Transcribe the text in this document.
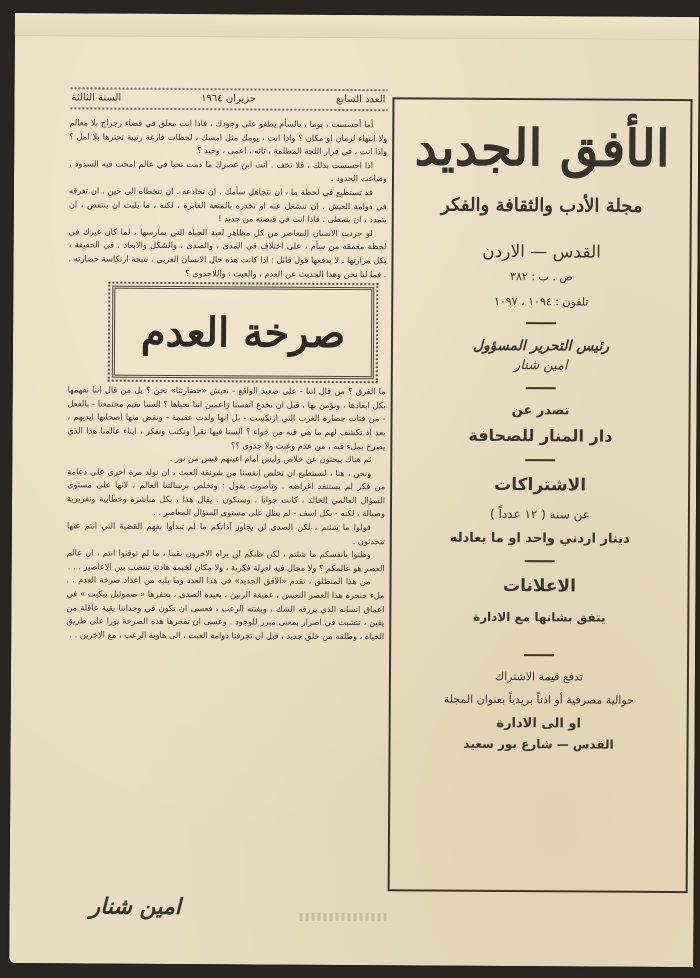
العدد السابع
حزيران ١٩٦٤
السنة الثالثة

أما أحسست ، يوما ، بالسأم يطفو على وجودك ، فاذا انت معلق في فضاء رجراج بلا معالم ولا انتهاء لزمان او مكان ؟ واذا انت ، يومك مثل امسك ، لحظات فارغة رتيبة تجترها بلا امل ؟ واذا انت ، في قرار اللجة المظلمة ، تائه ، اعمى ، وحيد ؟

اذا احسست بذلك ، فلا تخف . انت ابن عصرك ما دمت تحيا في عالم امحت فيه السدود ، وضاعت الحدود .

قد تستطيع في لحظة ما ، ان تتجاهل سأمك . ان تخادعه . ان تتخطاه الى حين . ان تغرقه في دوامة العيش . ان تنشغل عنه او تخدره بالمتعة العابرة ، لكنه ، ما يلبث ان ينتفض ، ان يتمدد ، ان يتمطى . فاذا انت في قبضته من جديد !

لو جردت الانسان المعاصر من كل مظاهر لعبة الحياة التي يمارسها ، لما كان غيرك في لحظة معمقة من سأم ، على اختلاف في المدى ، والصدى ، والشكل والابعاد . في الحقيقة ، بكل مرارتها . لا يدفعها قول قائل : اذا كانت هذه حال الانسان الغربي ، نتيجة ارتكاسة حضارته . . فما لنا نحن وهذا الحديث عن العدم ، والعبث ، واللاجدوى ؟

صرخة العدم

ما الفرق ؟ من قال اننا - على صعيد الواقع - نعيش «حضارتنا» نحن ؟ بل من قال اننا نفهمها بكل ابعادها ، ونؤمن بها ، قبل ان نخدع انفسنا زاعمين اننا نحياها ؟ السنا نقيم مجتمعنا - بالفعل - من فتات حضارة الغرب التي ارتكست - بل انها ولدت عقيمة - ونقض منها اصحابها ايديهم ، بعد اذ تكشف لهم ما هي فيه من خواء ؟ السنا فيها نقرأ ونكتب ونفكر ، ابناء عالمنا هذا الذي يصرخ بملء فيه ، من عدم وعبث ولا جدوى ؟؟

ثم هناك يبحثون عن خلاص وليس امام اعينهم قبس من نور .

ونحن ، هنا ، لنستطيع ان نخلص انفسنا من شرنقة العبث ، ان نولد مرة اخرى على دعامة من فكر لم يستنفد اغراضه . وتأصوت يقول : ونخلص برسالتنا العالم ، لانها على مستوى السؤال العالمي الخالد ، كانت جوابا ، وستكون . يقال هذا ، بكل مباشرة وخطابية وتقريرية وصيالة ، لكنه - بكل اسف - لم يظل على مستوى السؤال المعاصر . .

قولوا ما شئتم ، لكن الصدى لن يجاوز آذانكم ما لم تبدأوا بفهم القضية التي انتم عنها تتحدثون .

وظنوا بانفسكم ما شئتم ، لكن ظنكم لن يراه الاخرون يقينا ، ما لم توقنوا انتم ، ان عالم العصر هو عالمكم ؟ ولا مجال فيه لعزلة فكرية ، ولا مكان لخيمة هادئة تنتصب بين الاعاصير . . .

من هذا المنطلق ، تقدم «الافق الجديد» في هذا العدد وما يليه من اعداد صرخة العدم . . ملء حنجرة هذا العصر التعيس ، عميقة الرنين ، بعيدة الصدى ، يحفرها « صموئيل بيكيت » في اعماق انسانه الذي يزرقه الشك ، ويفتته الرعب ، فعسى ان تكون في وجداننا بقية عاقلة من يقين ، تتشبث في اصرار بمعنى مبرر للوجود . وعسى ان تفجرها هذه الصرخة نورا على طريق الحياة ، وطلقة من خلق جديد ، قبل ان تجرفنا دوامة العبث ، الى هاوية الرعب ، مع الاخرين . .

امين شنار
الأفق الجديد
مجلة الأدب والثقافة والفكر
القدس — الاردن
ص . ب : ٣٨٢
تلفون : ١٠٩٤ ، ١٠٩٧
رئيس التحرير المسؤول
امين شنار
تصدر عن
دار المنار للصحافة
الاشتراكات
عن سنه ( ١٢ عدداً )
دينار اردني واحد او ما يعادله
الاعلانات
يتفق بشانها مع الادارة
تدفع قيمة الاشتراك
حوالية مصرفية أو اذناً بريدياً بعنوان المجلة
او الى الادارة
القدس — شارع بور سعيد
